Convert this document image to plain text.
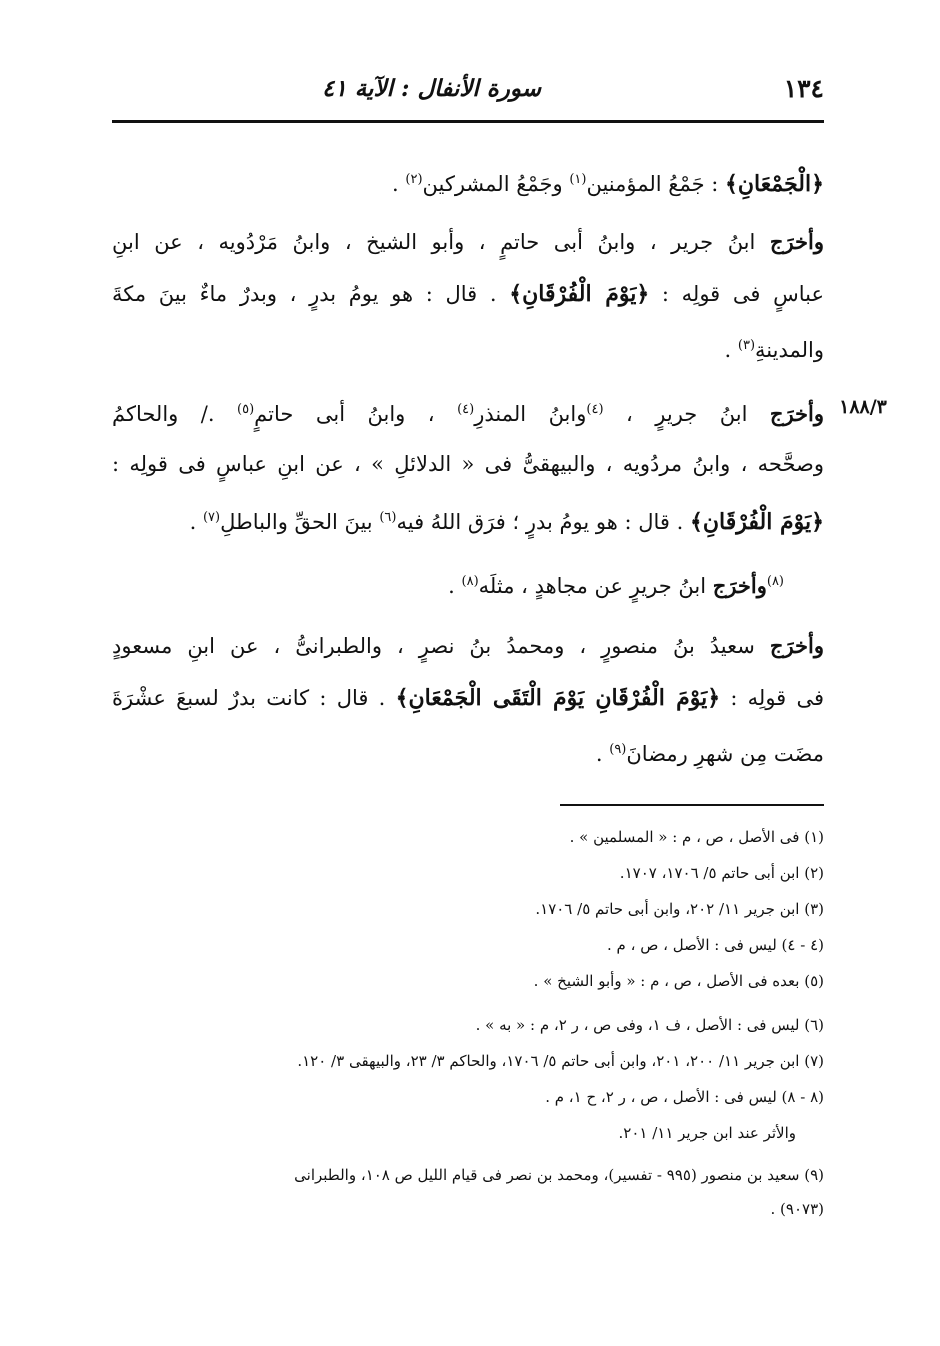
١٣٤
سورة الأنفال : الآية ٤١
١٨٨/٣
﴿الْجَمْعَانِ﴾ : جَمْعُ المؤمنين$^{(١)}$ وجَمْعُ المشركين$^{(٢)}$ .
وأخرَج ابنُ جرير ، وابنُ أبى حاتمٍ ، وأبو الشيخ ، وابنُ مَرْدُويه ، عن ابنِ
عباسٍ فى قولِه : ﴿يَوْمَ الْفُرْقَانِ﴾ . قال : هو يومُ بدرٍ ، وبدرٌ ماءٌ بينَ مكةَ
والمدينةِ$^{(٣)}$ .
وأخرَج ابنُ جريرٍ ، $^{(٤)}$وابنُ المنذرِ$^{(٤)}$ ، وابنُ أبى حاتمٍ$^{(٥)}$ ./ والحاكمُ
وصحَّحه ، وابنُ مردُويه ، والبيهقىُّ فى « الدلائلِ » ، عن ابنِ عباسٍ فى قولِه :
﴿يَوْمَ الْفُرْقَانِ﴾ . قال : هو يومُ بدرٍ ؛ فرَق اللهُ فيه$^{(٦)}$ بينَ الحقِّ والباطلِ$^{(٧)}$ .
$^{(٨)}$وأخرَج ابنُ جريرٍ عن مجاهدٍ ، مثلَه$^{(٨)}$ .
وأخرَج سعيدُ بنُ منصورٍ ، ومحمدُ بنُ نصرٍ ، والطبرانىُّ ، عن ابنِ مسعودٍ
فى قولِه : ﴿يَوْمَ الْفُرْقَانِ يَوْمَ الْتَقَى الْجَمْعَانِ﴾ . قال : كانت بدرٌ لسبعَ عشْرَةَ
مضَت مِن شهرِ رمضانَ$^{(٩)}$ .
(١) فى الأصل ، ص ، م : « المسلمين » .
(٢) ابن أبى حاتم ٥/ ١٧٠٦، ١٧٠٧.
(٣) ابن جرير ١١/ ٢٠٢، وابن أبى حاتم ٥/ ١٧٠٦.
(٤ - ٤) ليس فى : الأصل ، ص ، م .
(٥) بعده فى الأصل ، ص ، م : « وأبو الشيخ » .
(٦) ليس فى : الأصل ، ف ١، وفى ص ، ر ٢، م : « به » .
(٧) ابن جرير ١١/ ٢٠٠، ٢٠١، وابن أبى حاتم ٥/ ١٧٠٦، والحاكم ٣/ ٢٣، والبيهقى ٣/ ١٢٠.
(٨ - ٨) ليس فى : الأصل ، ص ، ر ٢، ح ١، م .
والأثر عند ابن جرير ١١/ ٢٠١.
(٩) سعيد بن منصور (٩٩٥ - تفسير)، ومحمد بن نصر فى قيام الليل ص ١٠٨، والطبرانى
(٩٠٧٣) .
